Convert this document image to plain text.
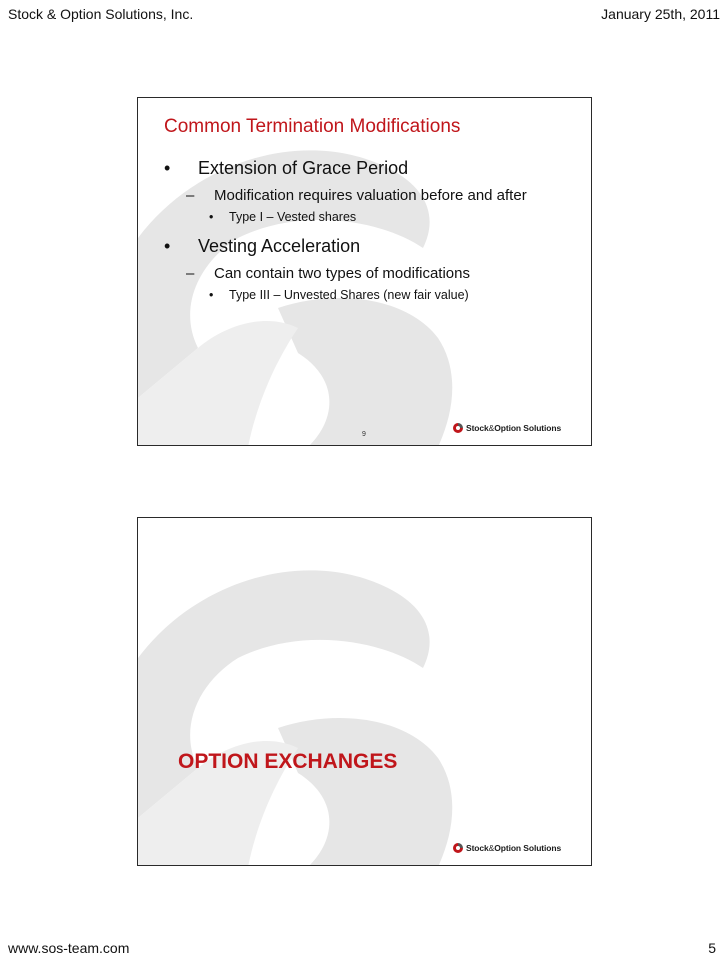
Stock & Option Solutions, Inc.	January 25th, 2011
Common Termination Modifications
•	Extension of Grace Period
–	Modification requires valuation before and after
•	Type I – Vested shares
•	Vesting Acceleration
–	Can contain two types of modifications
•	Type III – Unvested Shares (new fair value)
9
Stock & Option Solutions
OPTION EXCHANGES
Stock & Option Solutions
www.sos-team.com	5
